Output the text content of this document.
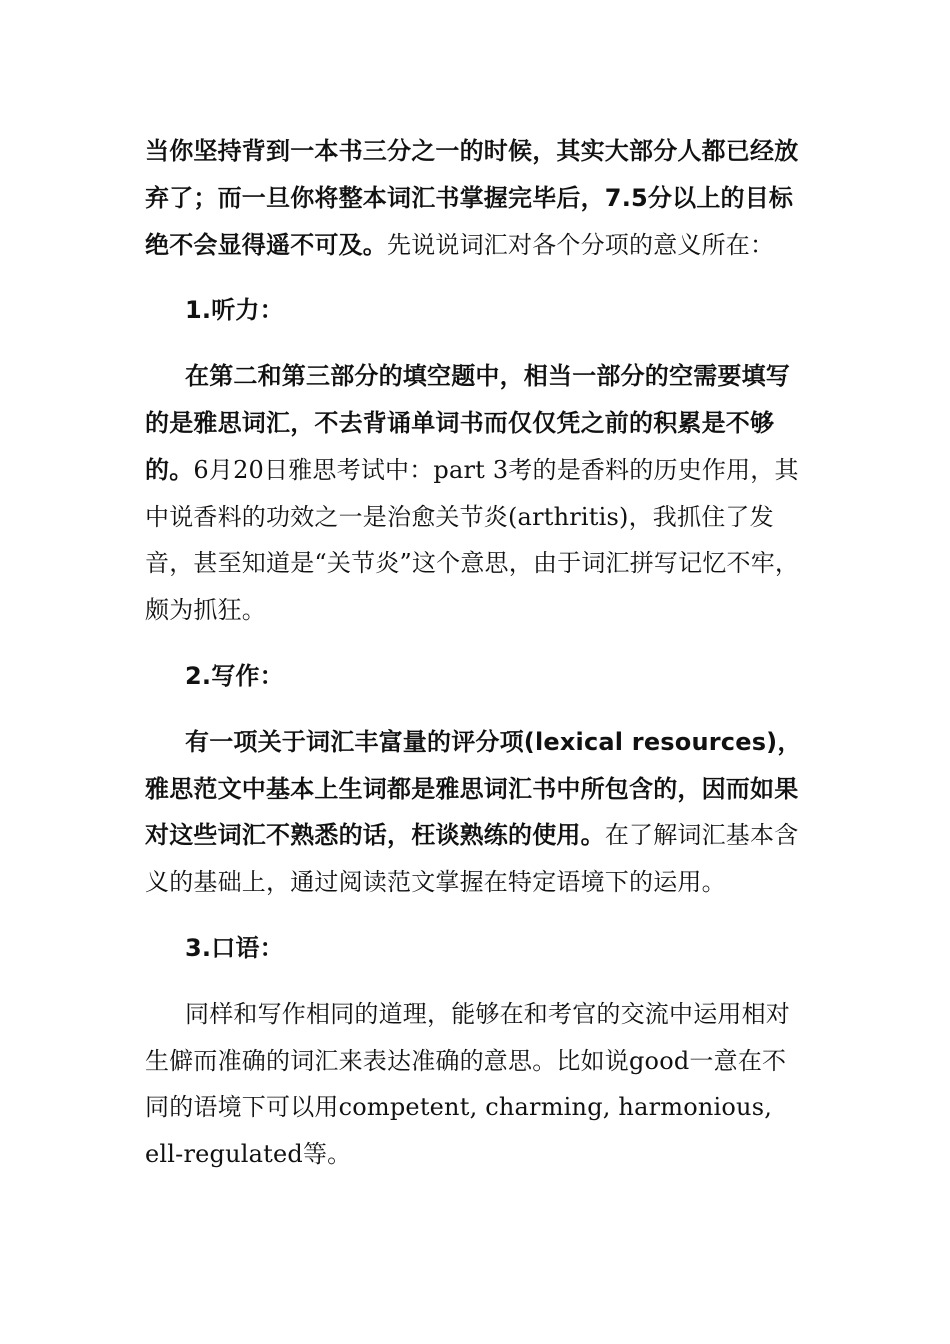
当你坚持背到一本书三分之一的时候，其实大部分人都已经放弃了；而一旦你将整本词汇书掌握完毕后，7.5分以上的目标绝不会显得遥不可及。先说说词汇对各个分项的意义所在：

1.听力：

在第二和第三部分的填空题中，相当一部分的空需要填写的是雅思词汇，不去背诵单词书而仅仅凭之前的积累是不够的。6月20日雅思考试中：part 3考的是香料的历史作用，其中说香料的功效之一是治愈关节炎(arthritis)，我抓住了发音，甚至知道是“关节炎”这个意思，由于词汇拼写记忆不牢，颇为抓狂。

2.写作：

有一项关于词汇丰富量的评分项(lexical resources)，雅思范文中基本上生词都是雅思词汇书中所包含的，因而如果对这些词汇不熟悉的话，枉谈熟练的使用。在了解词汇基本含义的基础上，通过阅读范文掌握在特定语境下的运用。

3.口语：

同样和写作相同的道理，能够在和考官的交流中运用相对生僻而准确的词汇来表达准确的意思。比如说good一意在不同的语境下可以用competent, charming, harmonious, ell-regulated等。
